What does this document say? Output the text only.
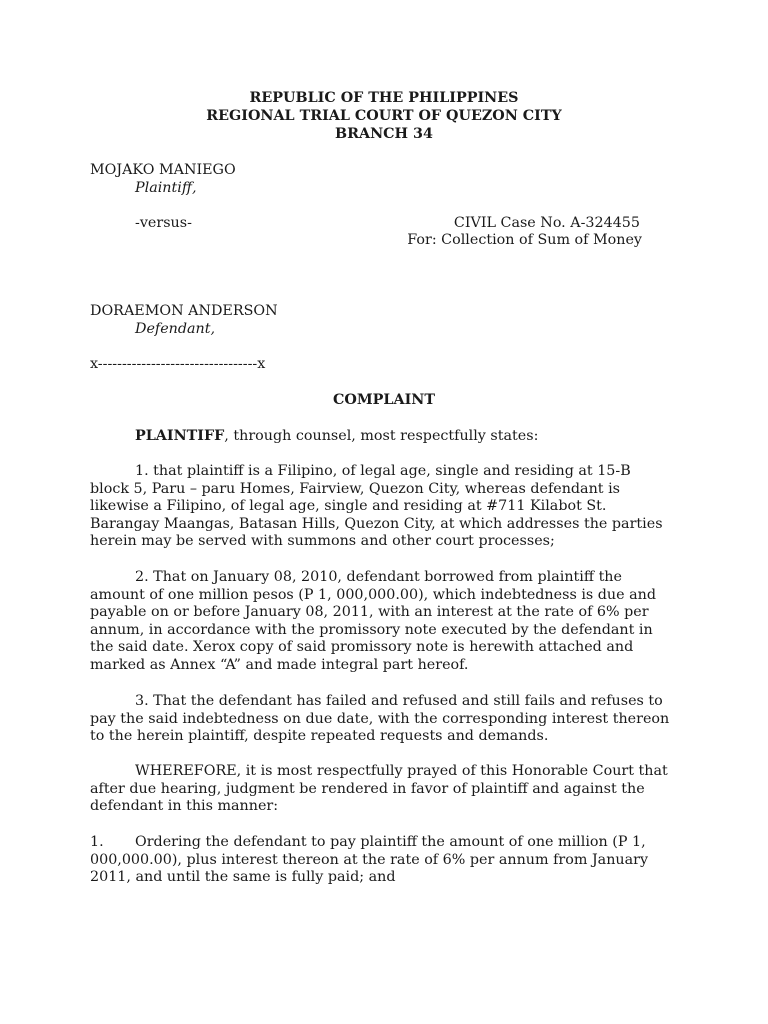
REPUBLIC OF THE PHILIPPINES
REGIONAL TRIAL COURT OF QUEZON CITY
BRANCH 34
MOJAKO MANIEGO
Plaintiff,
-versus-	CIVIL Case No. A-324455
For: Collection of Sum of Money
DORAEMON ANDERSON
Defendant,
x---------------------------------x
COMPLAINT
PLAINTIFF, through counsel, most respectfully states:
1. that plaintiff is a Filipino, of legal age, single and residing at 15-B
block 5, Paru – paru Homes, Fairview, Quezon City, whereas defendant is
likewise a Filipino, of legal age, single and residing at #711 Kilabot St.
Barangay Maangas, Batasan Hills, Quezon City, at which addresses the parties
herein may be served with summons and other court processes;
2. That on January 08, 2010, defendant borrowed from plaintiff the
amount of one million pesos (P 1, 000,000.00), which indebtedness is due and
payable on or before January 08, 2011, with an interest at the rate of 6% per
annum, in accordance with the promissory note executed by the defendant in
the said date. Xerox copy of said promissory note is herewith attached and
marked as Annex “A” and made integral part hereof.
3. That the defendant has failed and refused and still fails and refuses to
pay the said indebtedness on due date, with the corresponding interest thereon
to the herein plaintiff, despite repeated requests and demands.
WHEREFORE, it is most respectfully prayed of this Honorable Court that
after due hearing, judgment be rendered in favor of plaintiff and against the
defendant in this manner:
1.	Ordering the defendant to pay plaintiff the amount of one million (P 1,
000,000.00), plus interest thereon at the rate of 6% per annum from January
2011, and until the same is fully paid; and
